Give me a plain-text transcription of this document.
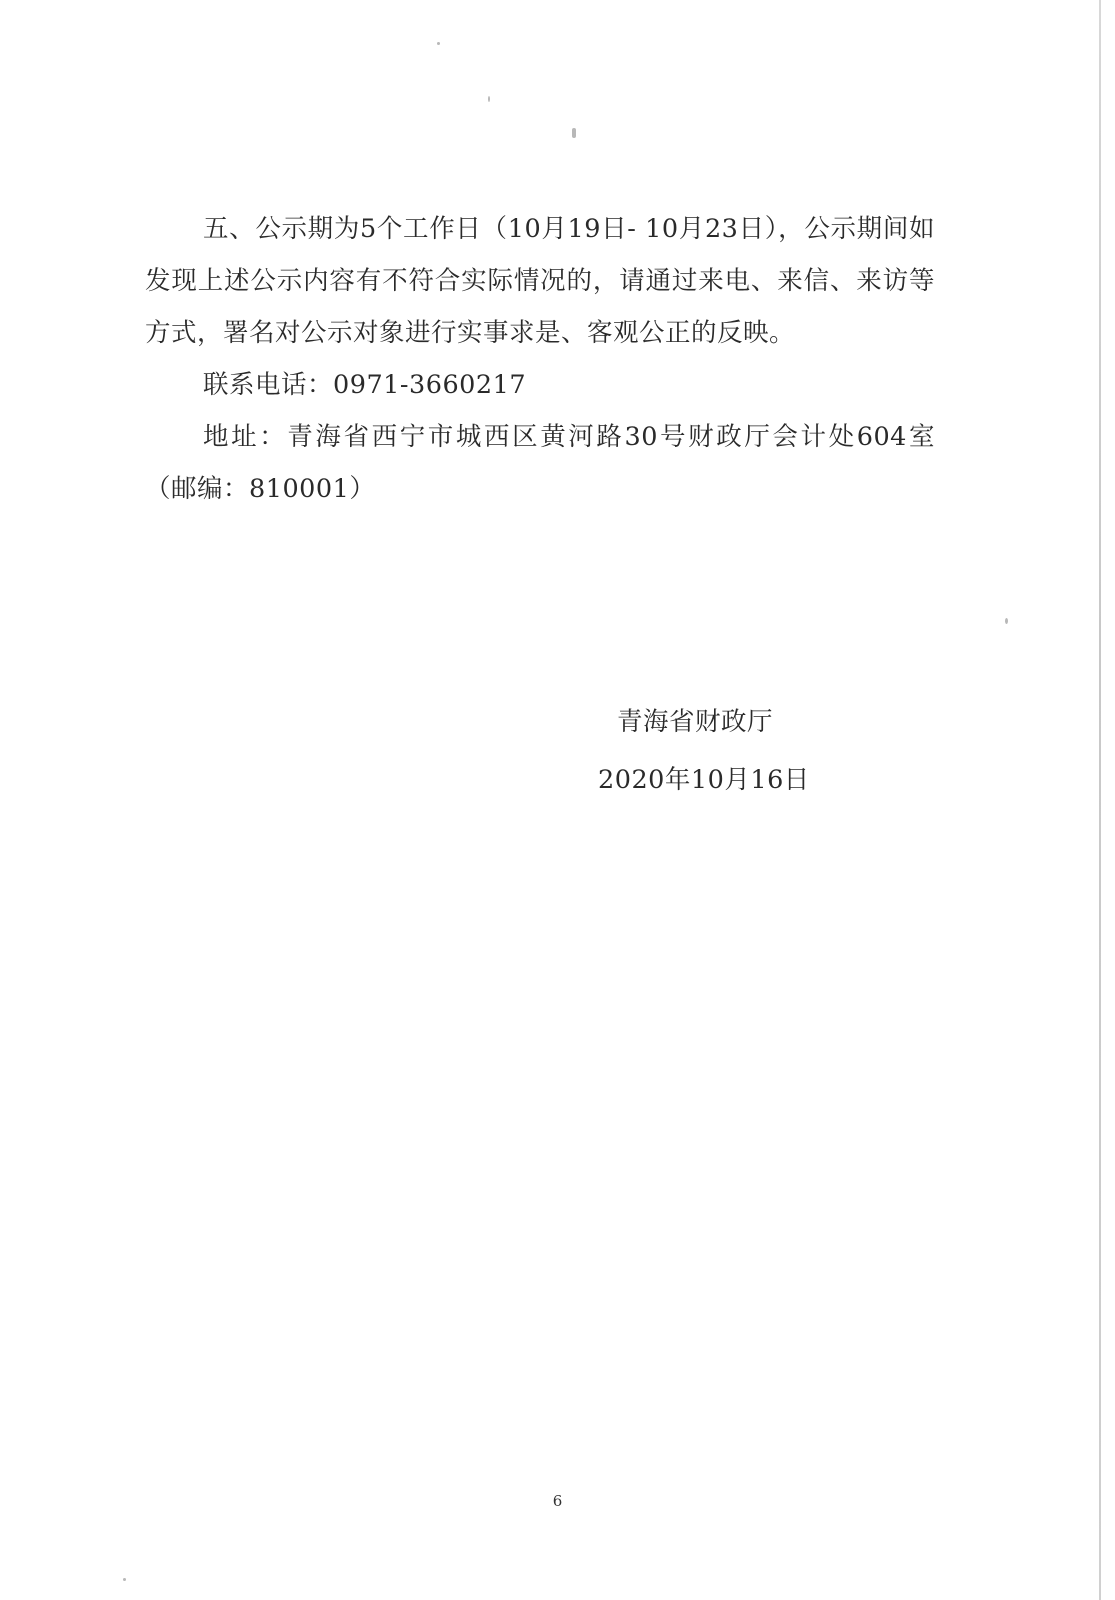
五、公示期为5个工作日（10月19日- 10月23日），公示期间如发现上述公示内容有不符合实际情况的，请通过来电、来信、来访等方式，署名对公示对象进行实事求是、客观公正的反映。

联系电话：0971-3660217

地址：青海省西宁市城西区黄河路30号财政厅会计处604室（邮编：810001）

青海省财政厅
2020年10月16日
6
